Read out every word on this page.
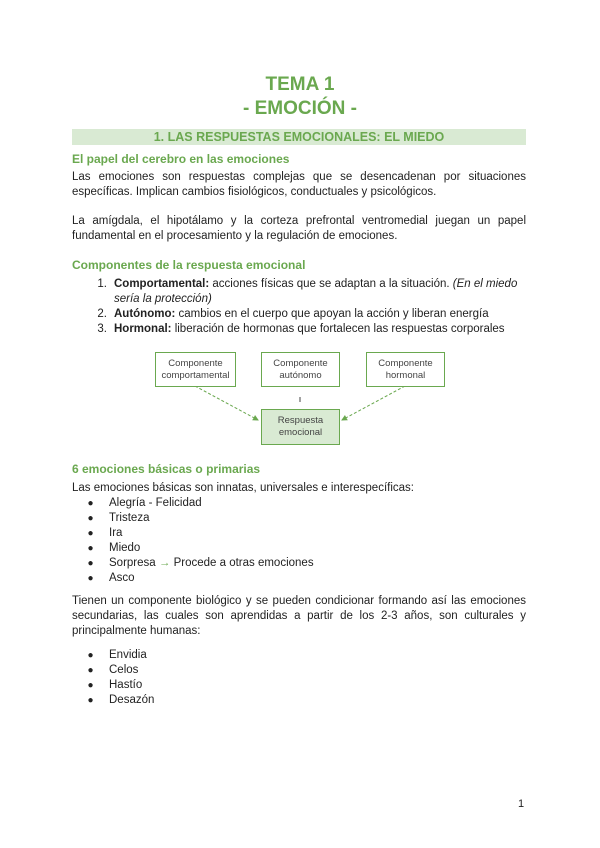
TEMA 1
- EMOCIÓN -
1. LAS RESPUESTAS EMOCIONALES: EL MIEDO
El papel del cerebro en las emociones
Las emociones son respuestas complejas que se desencadenan por situaciones específicas. Implican cambios fisiológicos, conductuales y psicológicos.
La amígdala, el hipotálamo y la corteza prefrontal ventromedial juegan un papel fundamental en el procesamiento y la regulación de emociones.
Componentes de la respuesta emocional
1. Comportamental: acciones físicas que se adaptan a la situación. (En el miedo sería la protección)
2. Autónomo: cambios en el cuerpo que apoyan la acción y liberan energía
3. Hormonal: liberación de hormonas que fortalecen las respuestas corporales
Componente comportamental
Componente autónomo
Componente hormonal
Respuesta emocional
6 emociones básicas o primarias
Las emociones básicas son innatas, universales e interespecíficas:
●	Alegría - Felicidad
●	Tristeza
●	Ira
●	Miedo
●	Sorpresa → Procede a otras emociones
●	Asco
Tienen un componente biológico y se pueden condicionar formando así las emociones secundarias, las cuales son aprendidas a partir de los 2-3 años, son culturales y principalmente humanas:
●	Envidia
●	Celos
●	Hastío
●	Desazón
1
